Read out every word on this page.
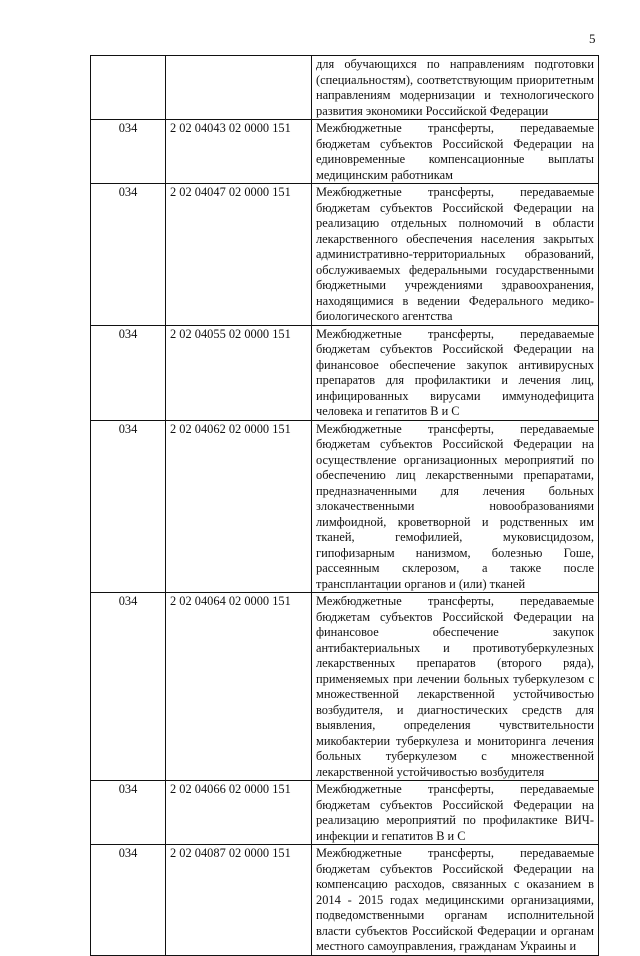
5
		для обучающихся по направлениям подготовки (специальностям), соответствующим приоритетным направлениям модернизации и технологического развития экономики Российской Федерации
034	2 02 04043 02 0000 151	Межбюджетные трансферты, передаваемые бюджетам субъектов Российской Федерации на единовременные компенсационные выплаты медицинским работникам
034	2 02 04047 02 0000 151	Межбюджетные трансферты, передаваемые бюджетам субъектов Российской Федерации на реализацию отдельных полномочий в области лекарственного обеспечения населения закрытых административно-территориальных образований, обслуживаемых федеральными государственными бюджетными учреждениями здравоохранения, находящимися в ведении Федерального медико-биологического агентства
034	2 02 04055 02 0000 151	Межбюджетные трансферты, передаваемые бюджетам субъектов Российской Федерации на финансовое обеспечение закупок антивирусных препаратов для профилактики и лечения лиц, инфицированных вирусами иммунодефицита человека и гепатитов В и С
034	2 02 04062 02 0000 151	Межбюджетные трансферты, передаваемые бюджетам субъектов Российской Федерации на осуществление организационных мероприятий по обеспечению лиц лекарственными препаратами, предназначенными для лечения больных злокачественными новообразованиями лимфоидной, кроветворной и родственных им тканей, гемофилией, муковисцидозом, гипофизарным нанизмом, болезнью Гоше, рассеянным склерозом, а также после трансплантации органов и (или) тканей
034	2 02 04064 02 0000 151	Межбюджетные трансферты, передаваемые бюджетам субъектов Российской Федерации на финансовое обеспечение закупок антибактериальных и противотуберкулезных лекарственных препаратов (второго ряда), применяемых при лечении больных туберкулезом с множественной лекарственной устойчивостью возбудителя, и диагностических средств для выявления, определения чувствительности микобактерии туберкулеза и мониторинга лечения больных туберкулезом с множественной лекарственной устойчивостью возбудителя
034	2 02 04066 02 0000 151	Межбюджетные трансферты, передаваемые бюджетам субъектов Российской Федерации на реализацию мероприятий по профилактике ВИЧ-инфекции и гепатитов В и С
034	2 02 04087 02 0000 151	Межбюджетные трансферты, передаваемые бюджетам субъектов Российской Федерации на компенсацию расходов, связанных с оказанием в 2014 - 2015 годах медицинскими организациями, подведомственными органам исполнительной власти субъектов Российской Федерации и органам местного самоуправления, гражданам Украины и
